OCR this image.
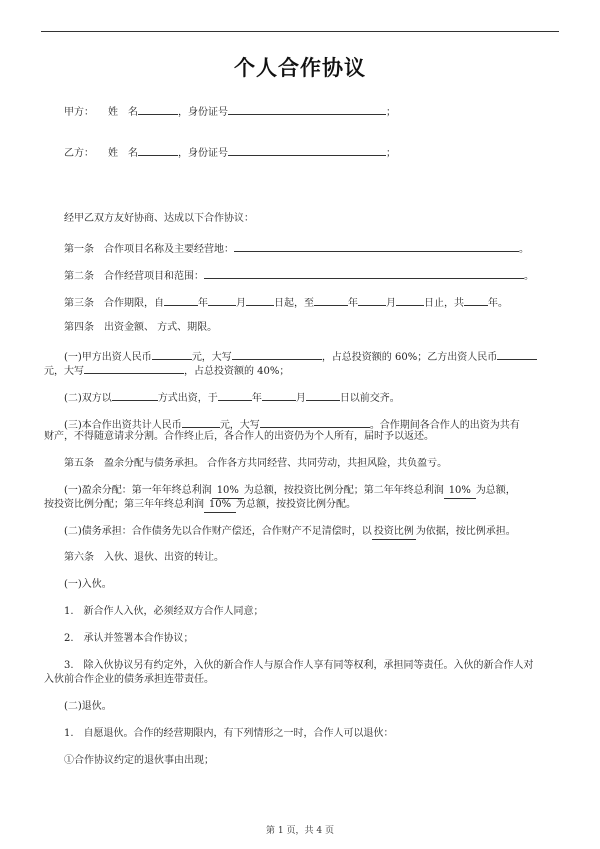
个人合作协议
甲方： 姓　名	，身份证号	；
乙方： 姓　名	，身份证号	；
经甲乙双方友好协商、达成以下合作协议：
第一条　合作项目名称及主要经营地：	。
第二条　合作经营项目和范围：	。
第三条　合作期限，自	年	月	日起，至	年	月	日止，共 年。
第四条　出资金额、 方式、期限。
(一)甲方出资人民币	元，大写	，占总投资额的 60%；乙方出资人民币
元，大写	，占总投资额的 40%；
(二)双方以	方式出资，于	年	月	日以前交齐。
(三)本合作出资共计人民币	元，大写	。合作期间各合作人的出资为共有
财产，不得随意请求分割。合作终止后，各合作人的出资仍为个人所有，届时予以返还。
第五条　盈余分配与债务承担。 合作各方共同经营、共同劳动，共担风险，共负盈亏。
(一)盈余分配：第一年年终总利润 10% 为总额，按投资比例分配；第二年年终总利润 10% 为总额，
按投资比例分配；第三年年终总利润 10% 为总额，按投资比例分配。
(二)债务承担：合作债务先以合作财产偿还，合作财产不足清偿时，以 投资比例 为依据，按比例承担。
第六条　入伙、退伙、出资的转让。
(一)入伙。
1.　新合作人入伙，必须经双方合作人同意；
2.　承认并签署本合作协议；
3.　除入伙协议另有约定外，入伙的新合作人与原合作人享有同等权利，承担同等责任。入伙的新合作人对
入伙前合作企业的债务承担连带责任。
(二)退伙。
1.　自愿退伙。合作的经营期限内，有下列情形之一时，合作人可以退伙：
①合作协议约定的退伙事由出现；
第 1 页，共 4 页
